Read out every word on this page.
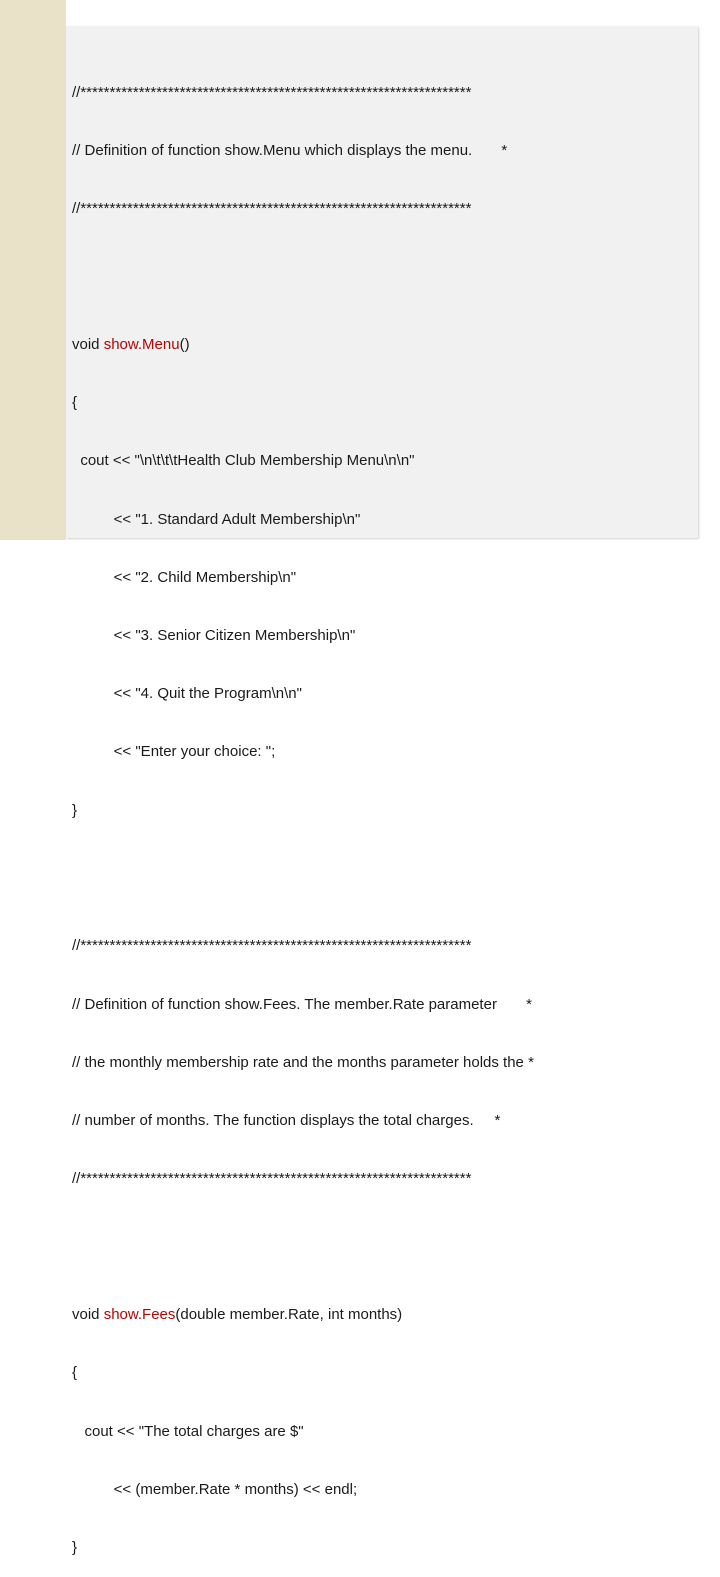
//*******************************************************************

// Definition of function show.Menu which displays the menu.       *

//*******************************************************************

void show.Menu()

{

cout << "\n\t\t\tHealth Club Membership Menu\n\n"

<< "1. Standard Adult Membership\n"

<< "2. Child Membership\n"

<< "3. Senior Citizen Membership\n"

<< "4. Quit the Program\n\n"

<< "Enter your choice: ";

}

//*******************************************************************

// Definition of function show.Fees. The member.Rate parameter       *

// the monthly membership rate and the months parameter holds the *

// number of months. The function displays the total charges.     *

//*******************************************************************

void show.Fees(double member.Rate, int months)

{

cout << "The total charges are $"

<< (member.Rate * months) << endl;

}
